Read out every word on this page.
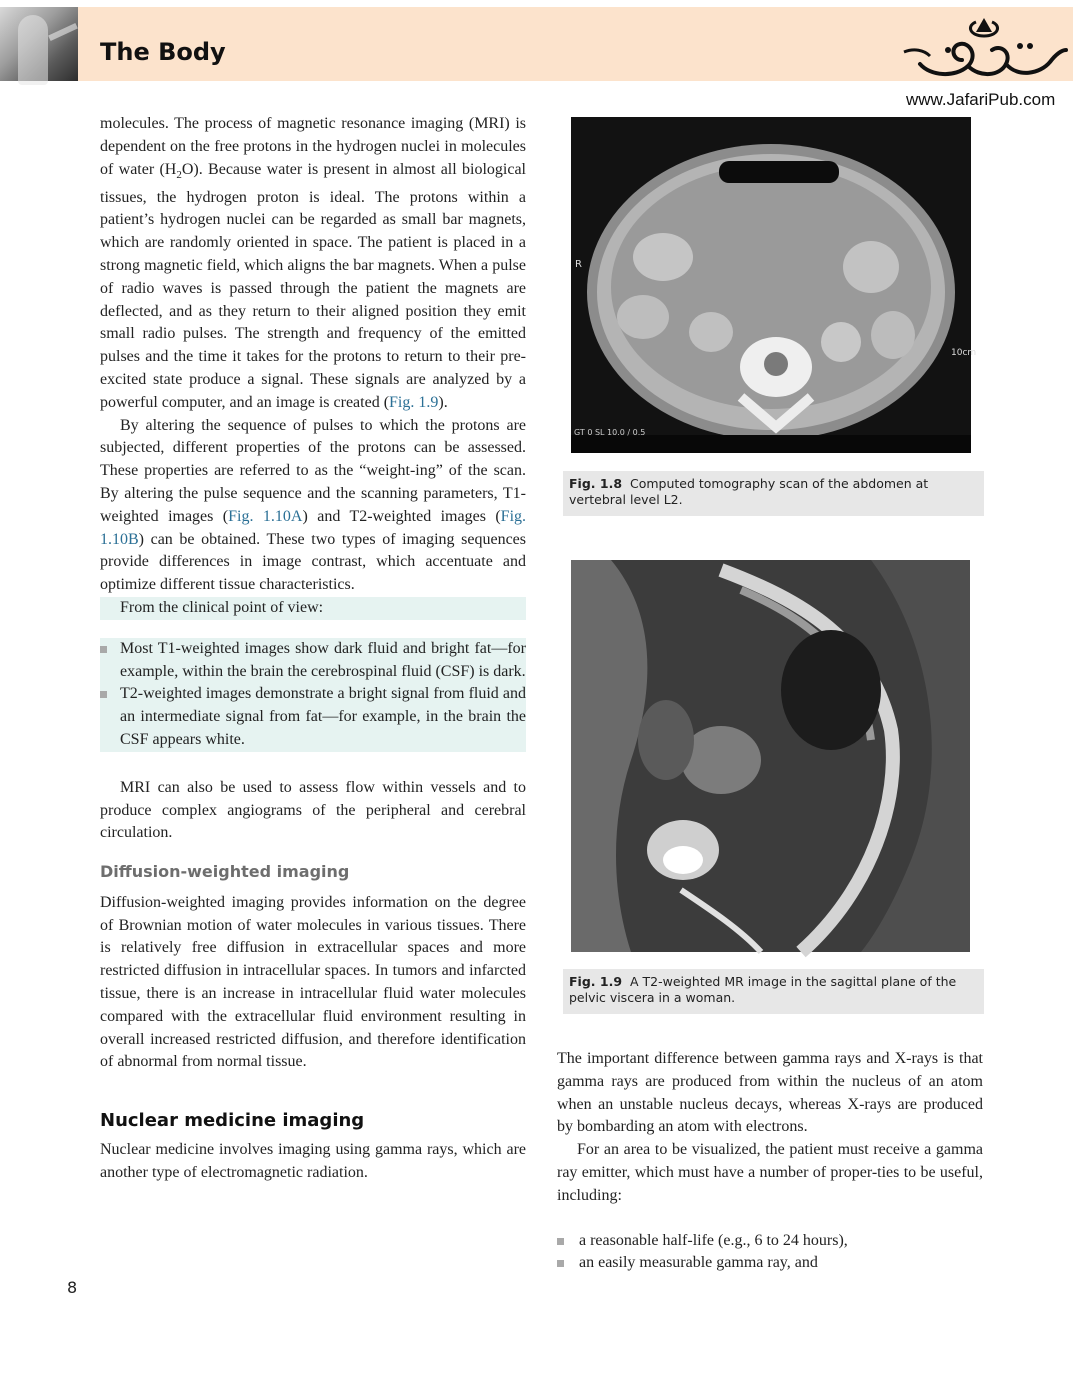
The Body
www.JafariPub.com

molecules. The process of magnetic resonance imaging (MRI) is dependent on the free protons in the hydrogen nuclei in molecules of water $(H_2O)$. Because water is present in almost all biological tissues, the hydrogen proton is ideal. The protons within a patient’s hydrogen nuclei can be regarded as small bar magnets, which are randomly oriented in space. The patient is placed in a strong magnetic field, which aligns the bar magnets. When a pulse of radio waves is passed through the patient the magnets are deflected, and as they return to their aligned position they emit small radio pulses. The strength and frequency of the emitted pulses and the time it takes for the protons to return to their pre-excited state produce a signal. These signals are analyzed by a powerful computer, and an image is created (Fig. 1.9).

By altering the sequence of pulses to which the protons are subjected, different properties of the protons can be assessed. These properties are referred to as the “weight-ing” of the scan. By altering the pulse sequence and the scanning parameters, T1-weighted images (Fig. 1.10A) and T2-weighted images (Fig. 1.10B) can be obtained. These two types of imaging sequences provide differences in image contrast, which accentuate and optimize different tissue characteristics.

From the clinical point of view:

Most T1-weighted images show dark fluid and bright fat—for example, within the brain the cerebrospinal fluid (CSF) is dark.
T2-weighted images demonstrate a bright signal from fluid and an intermediate signal from fat—for example, in the brain the CSF appears white.

MRI can also be used to assess flow within vessels and to produce complex angiograms of the peripheral and cerebral circulation.

Diffusion-weighted imaging

Diffusion-weighted imaging provides information on the degree of Brownian motion of water molecules in various tissues. There is relatively free diffusion in extracellular spaces and more restricted diffusion in intracellular spaces. In tumors and infarcted tissue, there is an increase in intracellular fluid water molecules compared with the extracellular fluid environment resulting in overall increased restricted diffusion, and therefore identification of abnormal from normal tissue.

Nuclear medicine imaging

Nuclear medicine involves imaging using gamma rays, which are another type of electromagnetic radiation.

R
10cm
GT 0 SL 10.0 / 0.5
Fig. 1.8 Computed tomography scan of the abdomen at vertebral level L2.
Fig. 1.9 A T2-weighted MR image in the sagittal plane of the pelvic viscera in a woman.

The important difference between gamma rays and X-rays is that gamma rays are produced from within the nucleus of an atom when an unstable nucleus decays, whereas X-rays are produced by bombarding an atom with electrons.

For an area to be visualized, the patient must receive a gamma ray emitter, which must have a number of proper-ties to be useful, including:

a reasonable half-life (e.g., 6 to 24 hours),
an easily measurable gamma ray, and
8
